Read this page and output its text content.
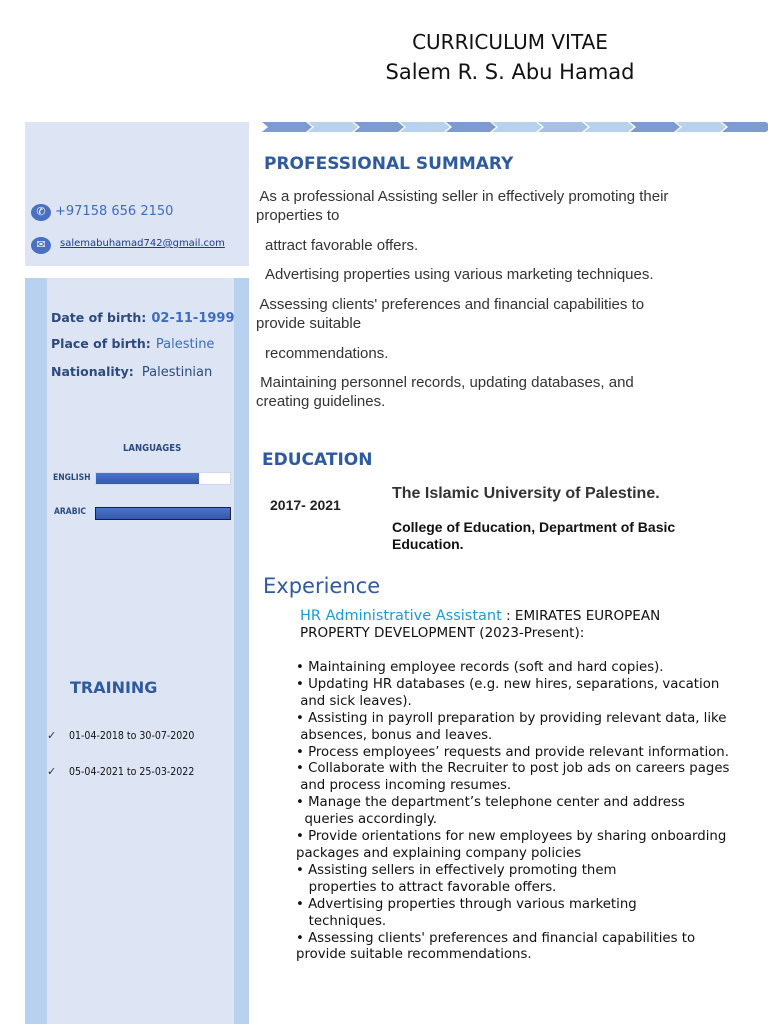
CURRICULUM VITAE
Salem R. S. Abu Hamad
✆ +97158 656 2150
✉	salemabuhamad742@gmail.com
Date of birth: 02-11-1999
Place of birth: Palestine
Nationality: Palestinian
LANGUAGES
ENGLISH
ARABIC
TRAINING
✓ 01-04-2018 to 30-07-2020
✓ 05-04-2021 to 25-03-2022
PROFESSIONAL SUMMARY
As a professional Assisting seller in effectively promoting their
properties to
attract favorable offers.
Advertising properties using various marketing techniques.
Assessing clients' preferences and financial capabilities to
provide suitable
recommendations.
Maintaining personnel records, updating databases, and
creating guidelines.
EDUCATION
2017- 2021
The Islamic University of Palestine.
College of Education, Department of Basic
Education.
Experience
HR Administrative Assistant : EMIRATES EUROPEAN
PROPERTY DEVELOPMENT (2023-Present):
• Maintaining employee records (soft and hard copies).
• Updating HR databases (e.g. new hires, separations, vacation
and sick leaves).
• Assisting in payroll preparation by providing relevant data, like
absences, bonus and leaves.
• Process employees’ requests and provide relevant information.
• Collaborate with the Recruiter to post job ads on careers pages
and process incoming resumes.
• Manage the department’s telephone center and address
queries accordingly.
• Provide orientations for new employees by sharing onboarding
packages and explaining company policies
• Assisting sellers in effectively promoting them
properties to attract favorable offers.
• Advertising properties through various marketing
techniques.
• Assessing clients' preferences and financial capabilities to
provide suitable recommendations.
